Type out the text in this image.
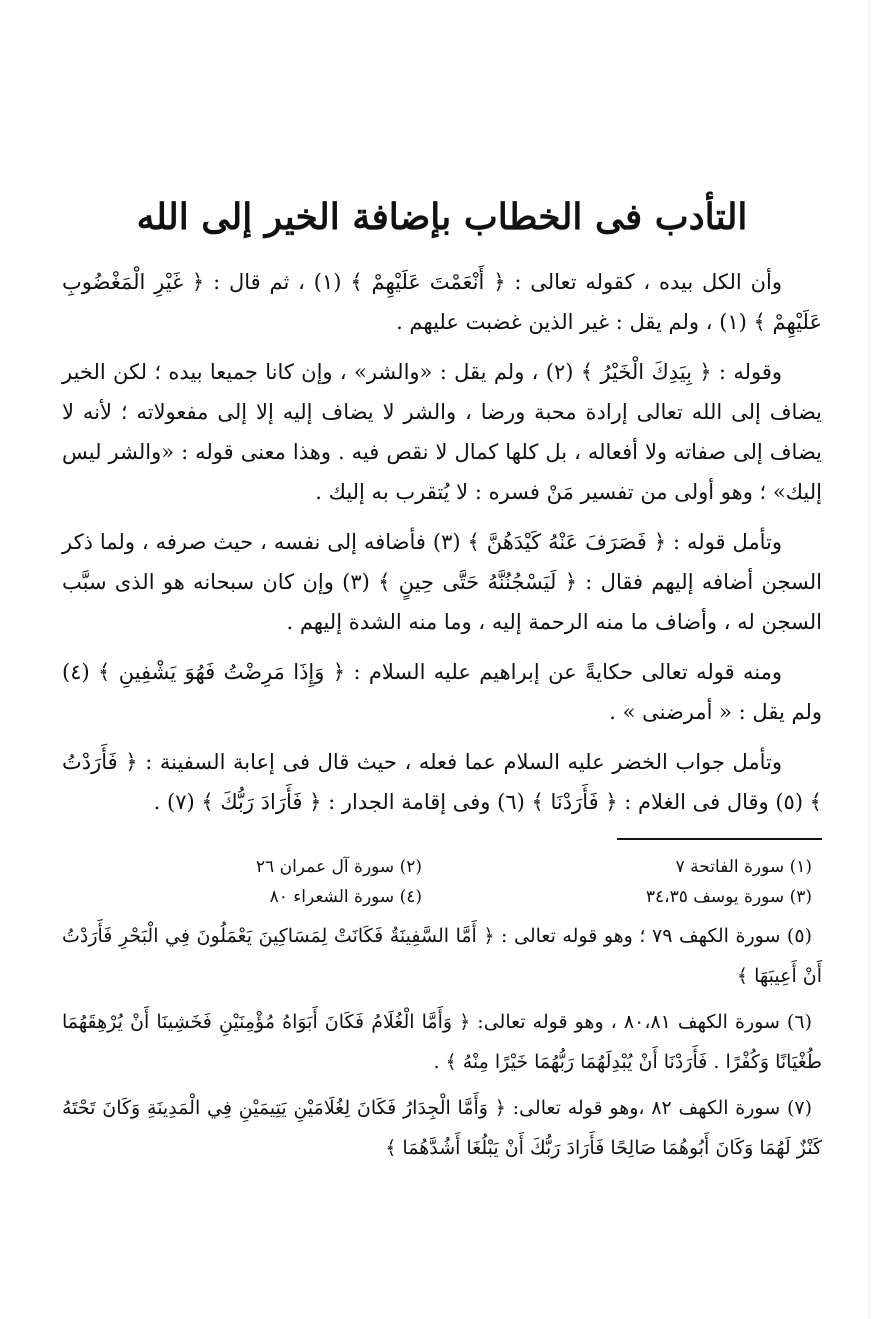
التأدب فى الخطاب بإضافة الخير إلى الله

وأن الكل بيده ، كقوله تعالى : ﴿ أَنْعَمْتَ عَلَيْهِمْ ﴾ (١) ، ثم قال : ﴿ غَيْرِ الْمَغْضُوبِ عَلَيْهِمْ ﴾ (١) ، ولم يقل : غير الذين غضبت عليهم .

وقوله : ﴿ بِيَدِكَ الْخَيْرُ ﴾ (٢) ، ولم يقل : «والشر» ، وإن كانا جميعا بيده ؛ لكن الخير يضاف إلى الله تعالى إرادة محبة ورضا ، والشر لا يضاف إليه إلا إلى مفعولاته ؛ لأنه لا يضاف إلى صفاته ولا أفعاله ، بل كلها كمال لا نقص فيه . وهذا معنى قوله : «والشر ليس إليك» ؛ وهو أولى من تفسير مَنْ فسره : لا يُتقرب به إليك .

وتأمل قوله : ﴿ فَصَرَفَ عَنْهُ كَيْدَهُنَّ ﴾ (٣) فأضافه إلى نفسه ، حيث صرفه ، ولما ذكر السجن أضافه إليهم فقال : ﴿ لَيَسْجُنُنَّهُ حَتَّى حِينٍ ﴾ (٣) وإن كان سبحانه هو الذى سبَّب السجن له ، وأضاف ما منه الرحمة إليه ، وما منه الشدة إليهم .

ومنه قوله تعالى حكايةً عن إبراهيم عليه السلام : ﴿ وَإِذَا مَرِضْتُ فَهُوَ يَشْفِينِ ﴾ (٤) ولم يقل : « أمرضنى » .

وتأمل جواب الخضر عليه السلام عما فعله ، حيث قال فى إعابة السفينة : ﴿ فَأَرَدْتُ ﴾ (٥) وقال فى الغلام : ﴿ فَأَرَدْنَا ﴾ (٦) وفى إقامة الجدار : ﴿ فَأَرَادَ رَبُّكَ ﴾ (٧) .

(١) سورة الفاتحة ٧
(٢) سورة آل عمران ٢٦
(٣) سورة يوسف ٣٤،٣٥
(٤) سورة الشعراء ٨٠

(٥) سورة الكهف ٧٩ ؛ وهو قوله تعالى : ﴿ أَمَّا السَّفِينَةُ فَكَانَتْ لِمَسَاكِينَ يَعْمَلُونَ فِي الْبَحْرِ فَأَرَدْتُ أَنْ أَعِيبَهَا ﴾

(٦) سورة الكهف ٨٠،٨١ ، وهو قوله تعالى: ﴿ وَأَمَّا الْغُلَامُ فَكَانَ أَبَوَاهُ مُؤْمِنَيْنِ فَخَشِينَا أَنْ يُرْهِقَهُمَا طُغْيَانًا وَكُفْرًا . فَأَرَدْنَا أَنْ يُبْدِلَهُمَا رَبُّهُمَا خَيْرًا مِنْهُ ﴾ .

(٧) سورة الكهف ٨٢ ،وهو قوله تعالى: ﴿ وَأَمَّا الْجِدَارُ فَكَانَ لِغُلَامَيْنِ يَتِيمَيْنِ فِي الْمَدِينَةِ وَكَانَ تَحْتَهُ كَنْزٌ لَهُمَا وَكَانَ أَبُوهُمَا صَالِحًا فَأَرَادَ رَبُّكَ أَنْ يَبْلُغَا أَشُدَّهُمَا ﴾
